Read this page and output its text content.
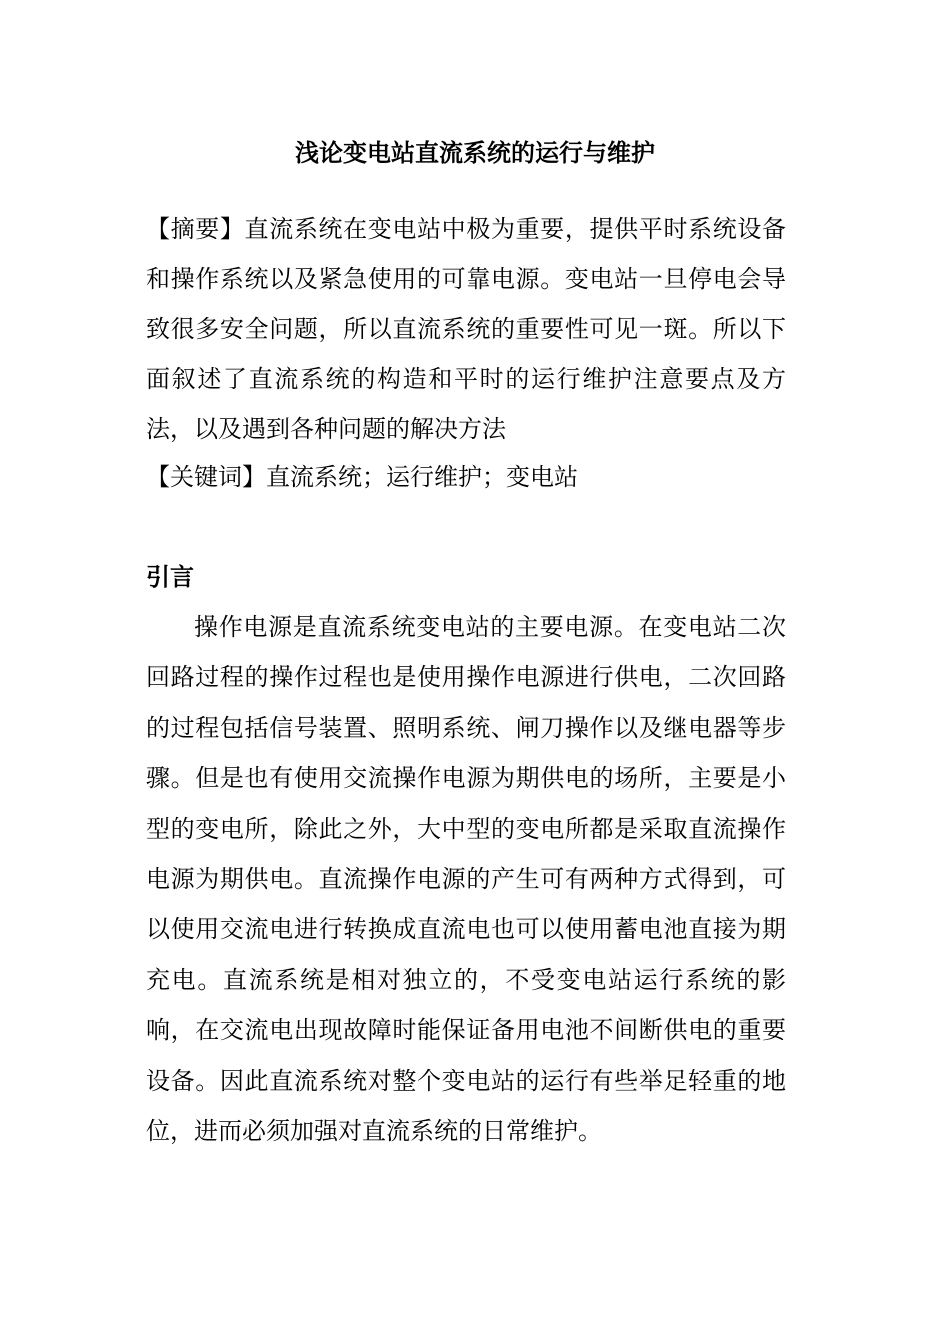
浅论变电站直流系统的运行与维护

【摘要】直流系统在变电站中极为重要，提供平时系统设备和操作系统以及紧急使用的可靠电源。变电站一旦停电会导致很多安全问题，所以直流系统的重要性可见一斑。所以下面叙述了直流系统的构造和平时的运行维护注意要点及方法，以及遇到各种问题的解决方法

【关键词】直流系统；运行维护；变电站

引言

操作电源是直流系统变电站的主要电源。在变电站二次回路过程的操作过程也是使用操作电源进行供电，二次回路的过程包括信号装置、照明系统、闸刀操作以及继电器等步骤。但是也有使用交流操作电源为期供电的场所，主要是小型的变电所，除此之外，大中型的变电所都是采取直流操作电源为期供电。直流操作电源的产生可有两种方式得到，可以使用交流电进行转换成直流电也可以使用蓄电池直接为期充电。直流系统是相对独立的，不受变电站运行系统的影响，在交流电出现故障时能保证备用电池不间断供电的重要设备。因此直流系统对整个变电站的运行有些举足轻重的地位，进而必须加强对直流系统的日常维护。
